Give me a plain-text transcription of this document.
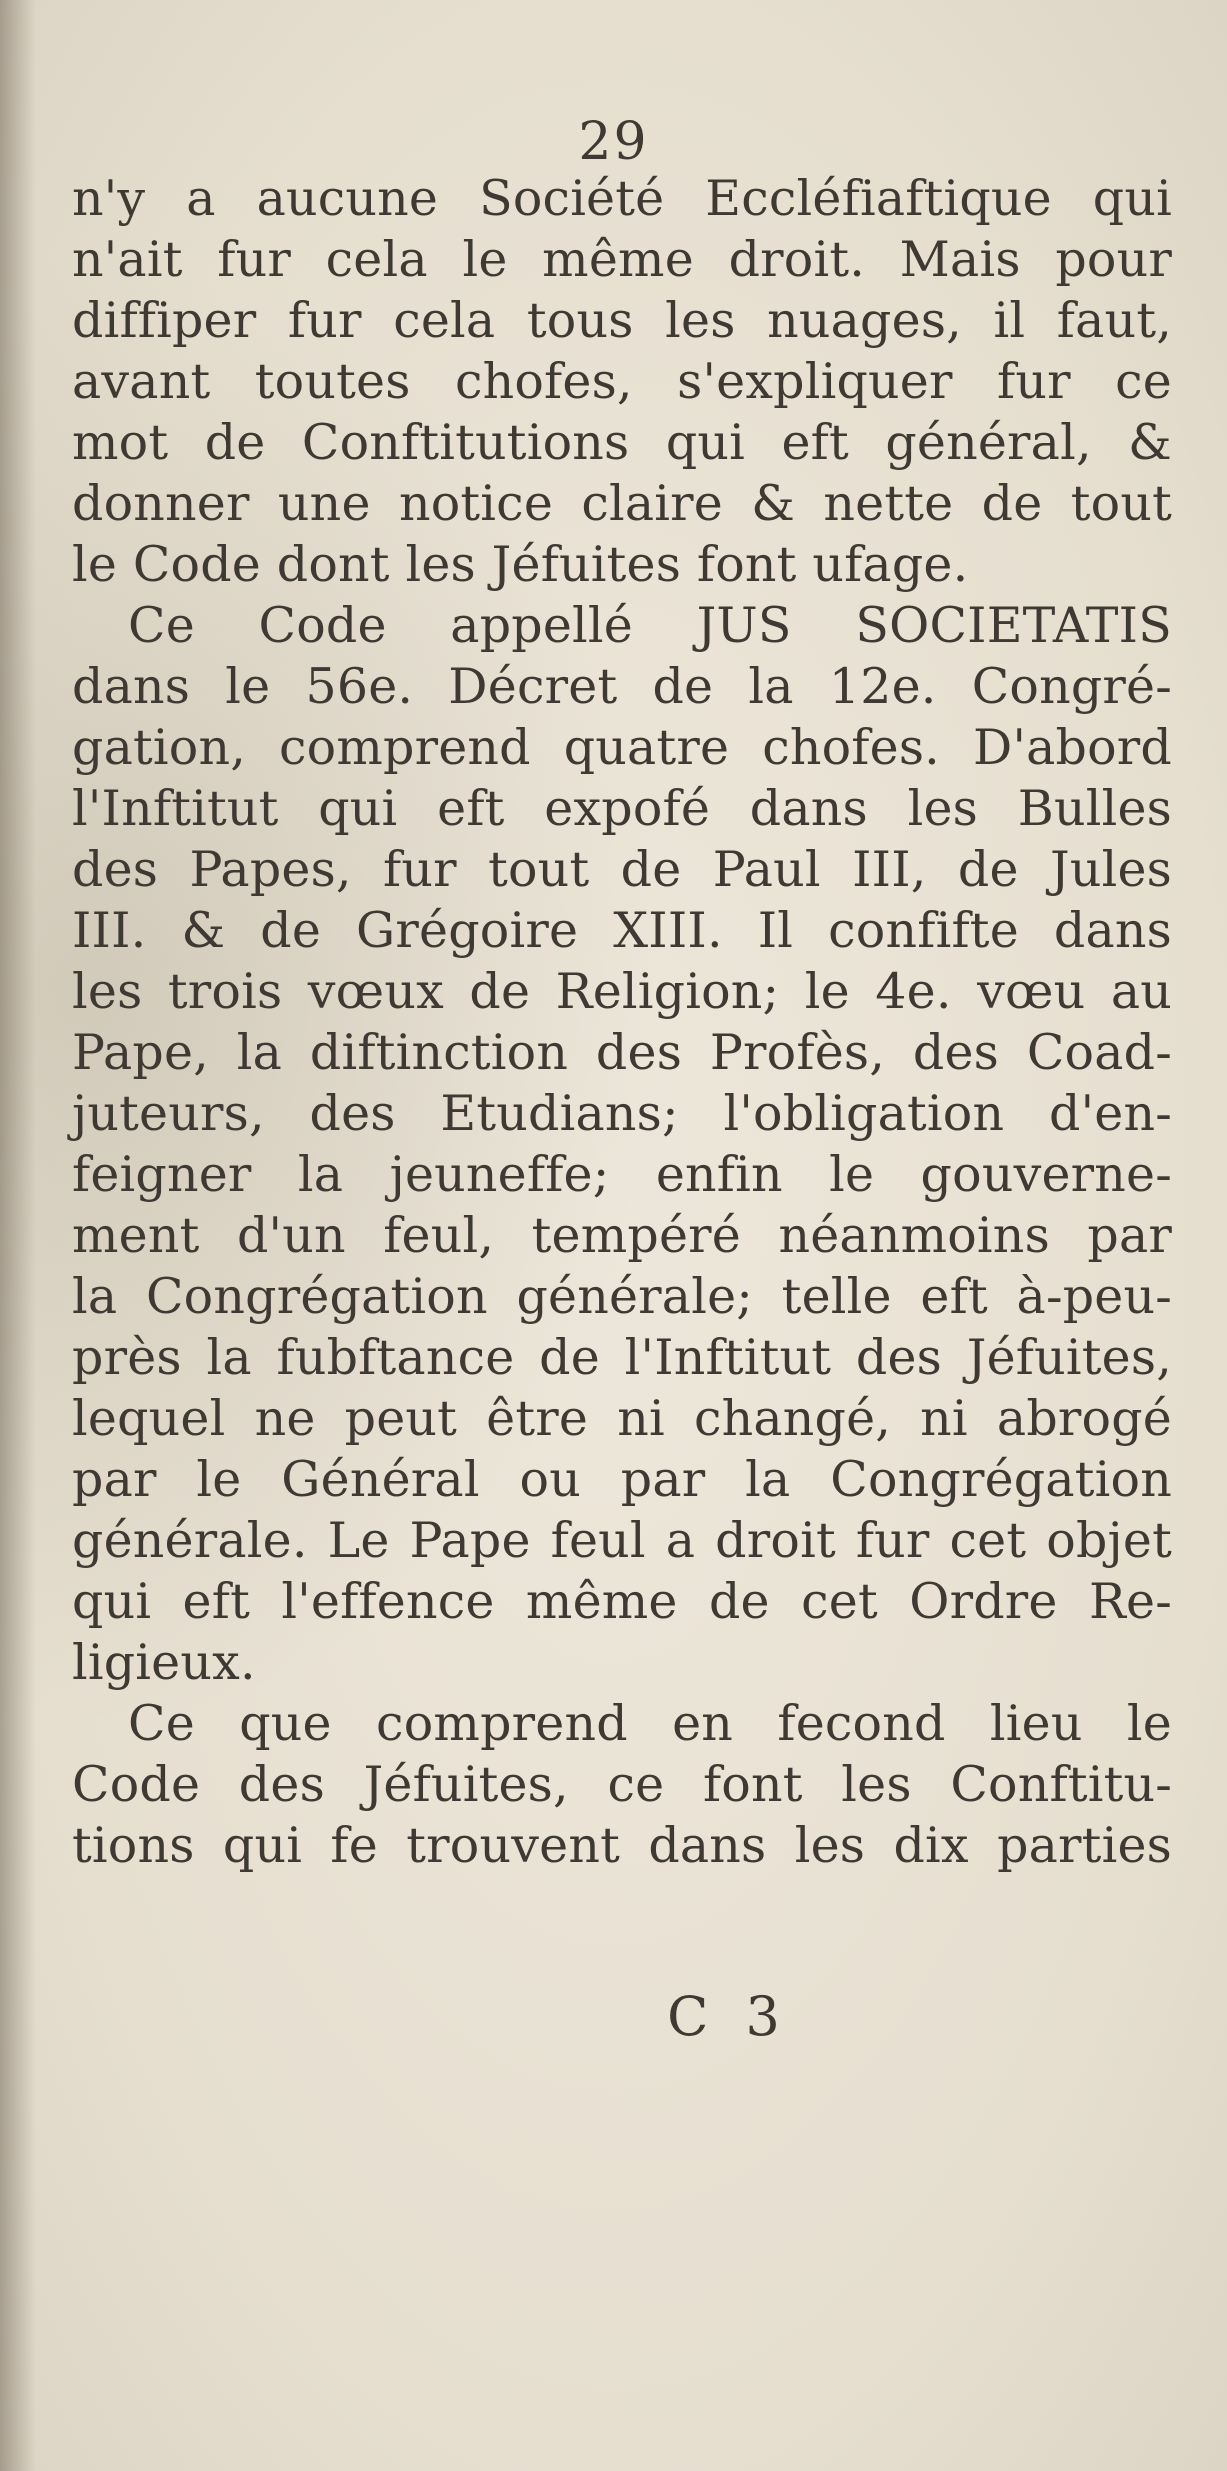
29
n'y a aucune Société Eccléfiaftique qui
n'ait fur cela le même droit. Mais pour
diffiper fur cela tous les nuages, il faut,
avant toutes chofes, s'expliquer fur ce
mot de Conftitutions qui eft général, &
donner une notice claire & nette de tout
le Code dont les Jéfuites font ufage.
Ce Code appellé JUS SOCIETATIS
dans le 56e. Décret de la 12e. Congré-
gation, comprend quatre chofes. D'abord
l'Inftitut qui eft expofé dans les Bulles
des Papes, fur tout de Paul III, de Jules
III. & de Grégoire XIII. Il confifte dans
les trois vœux de Religion; le 4e. vœu au
Pape, la diftinction des Profès, des Coad-
juteurs, des Etudians; l'obligation d'en-
feigner la jeuneffe; enfin le gouverne-
ment d'un feul, tempéré néanmoins par
la Congrégation générale; telle eft à-peu-
près la fubftance de l'Inftitut des Jéfuites,
lequel ne peut être ni changé, ni abrogé
par le Général ou par la Congrégation
générale. Le Pape feul a droit fur cet objet
qui eft l'effence même de cet Ordre Re-
ligieux.
Ce que comprend en fecond lieu le
Code des Jéfuites, ce font les Conftitu-
tions qui fe trouvent dans les dix parties
C 3
